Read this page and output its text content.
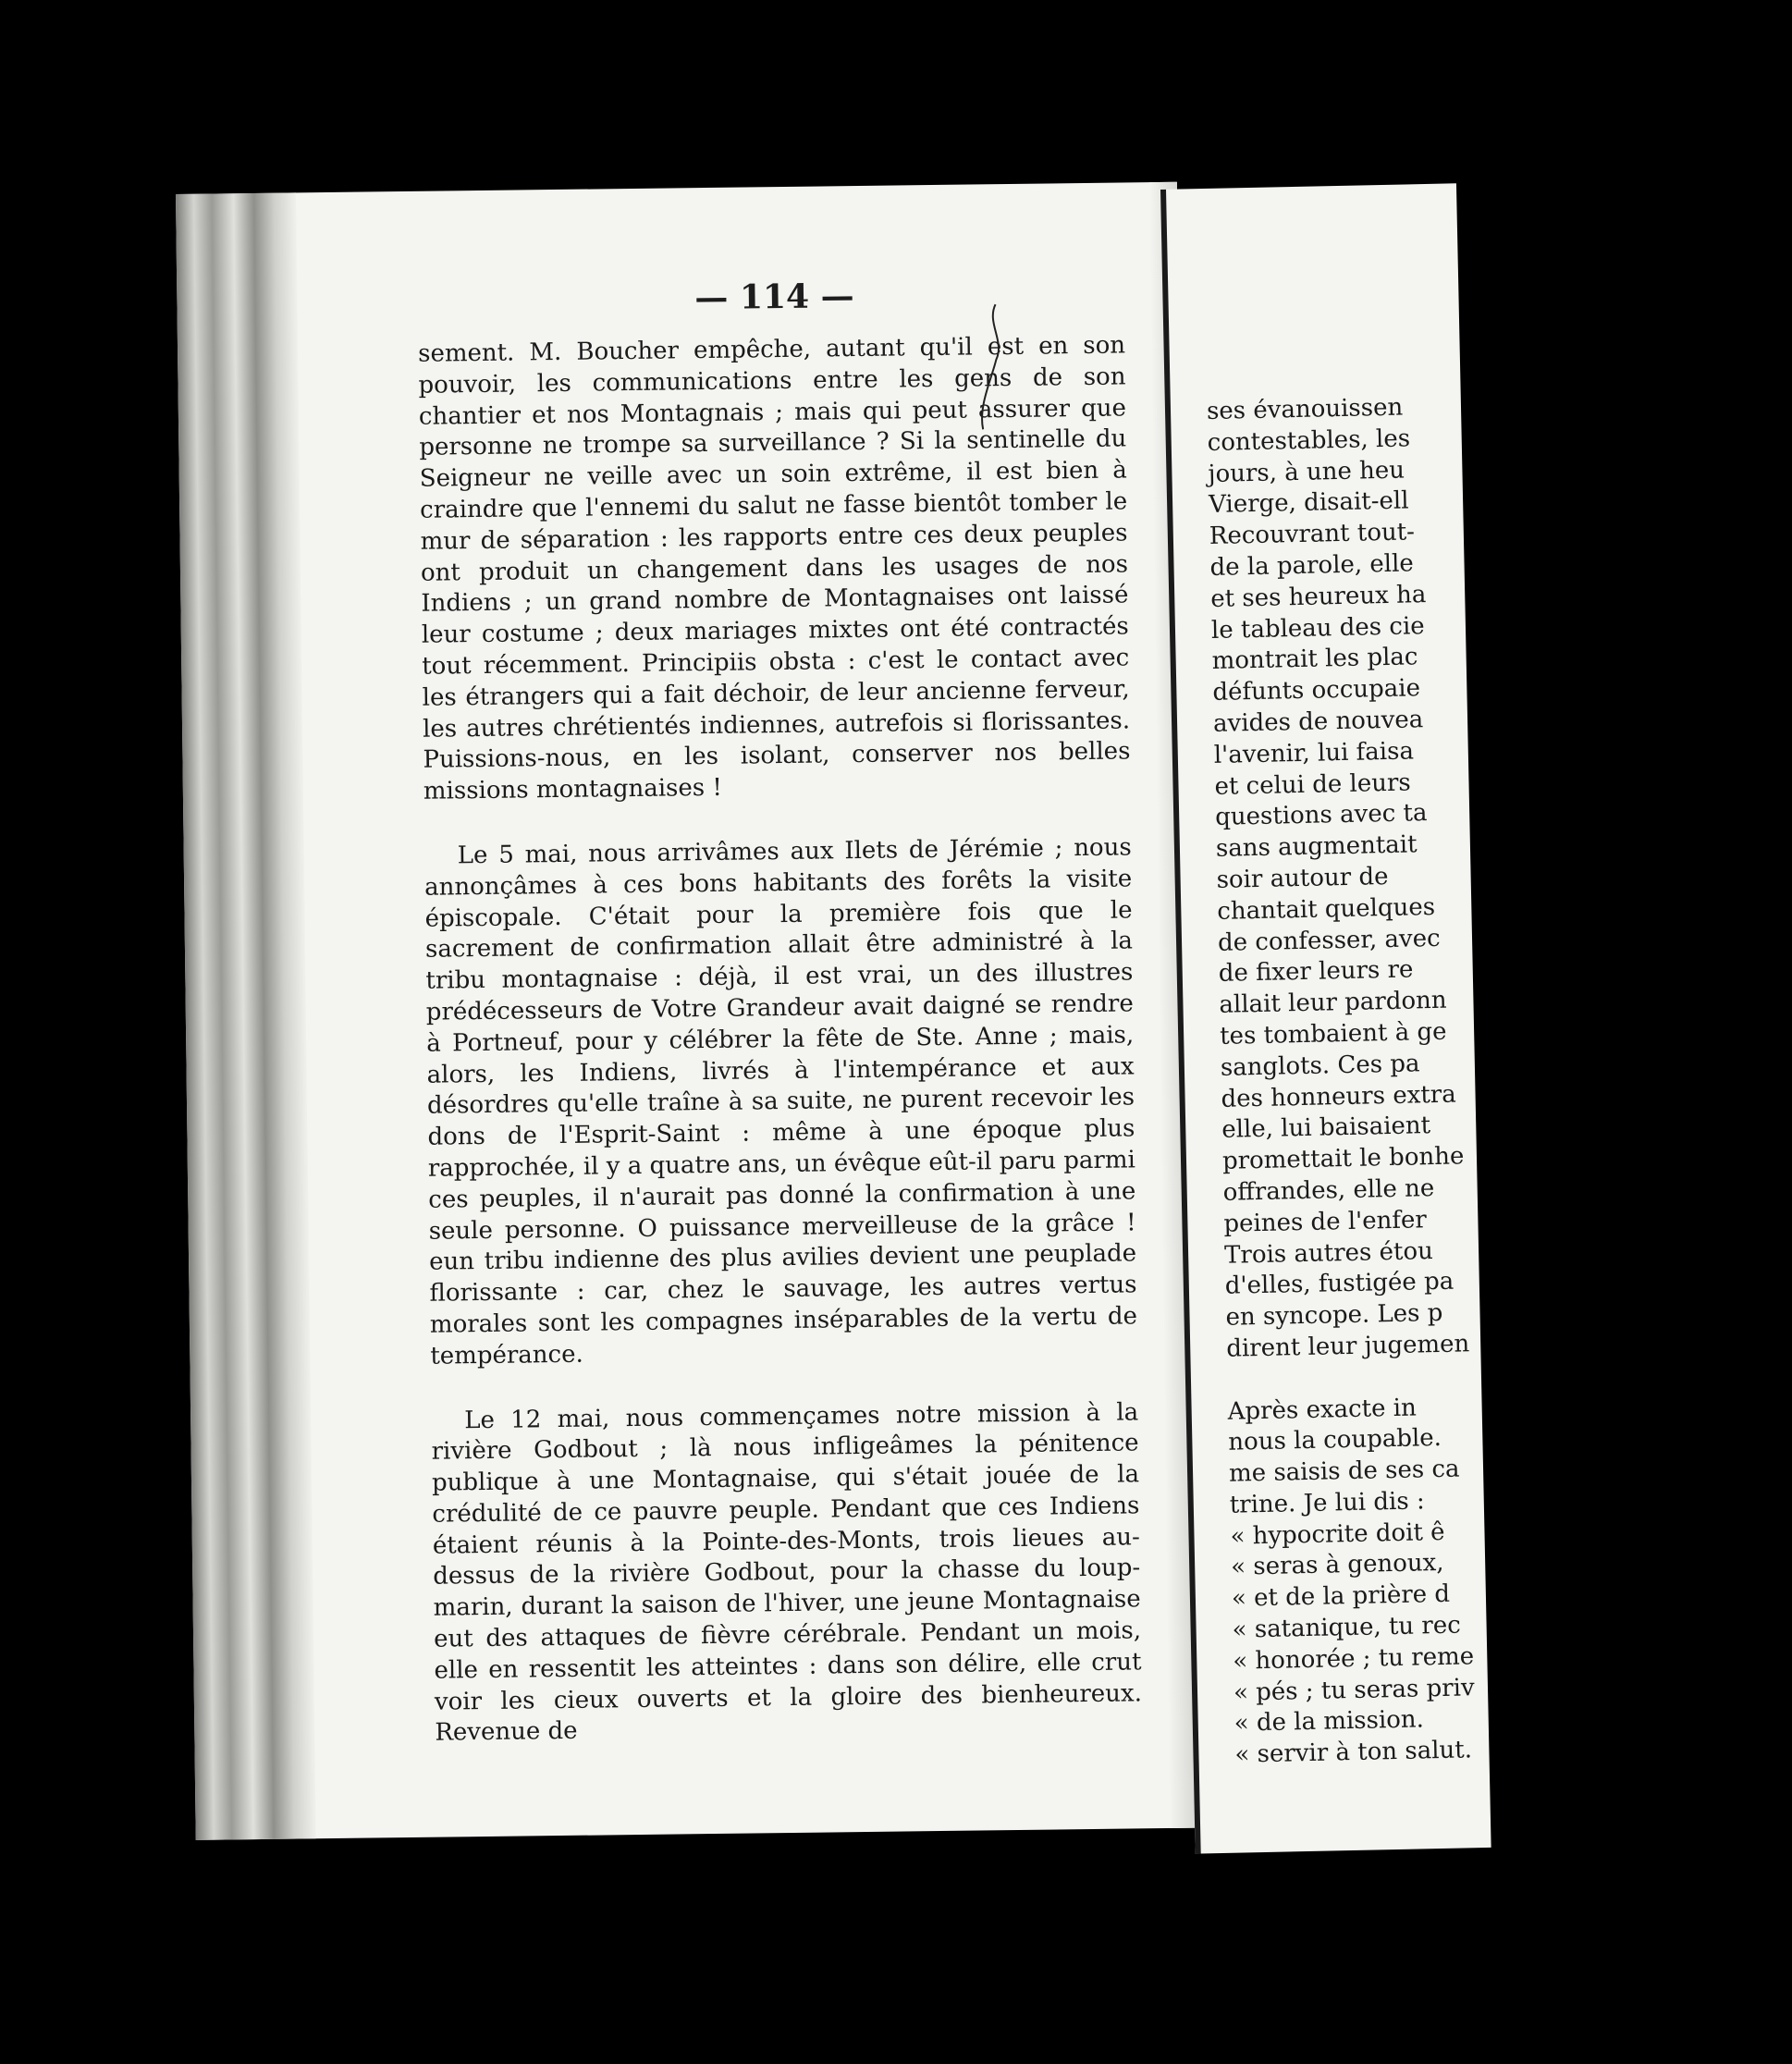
— 114 —

sement. M. Boucher empêche, autant qu'il est en son pouvoir, les communications entre les gens de son chantier et nos Montagnais ; mais qui peut assurer que personne ne trompe sa surveillance ? Si la sentinelle du Seigneur ne veille avec un soin extrême, il est bien à craindre que l'ennemi du salut ne fasse bientôt tomber le mur de séparation : les rapports entre ces deux peuples ont produit un changement dans les usages de nos Indiens ; un grand nombre de Montagnaises ont laissé leur costume ; deux mariages mixtes ont été contractés tout récemment. Principiis obsta : c'est le contact avec les étrangers qui a fait déchoir, de leur ancienne ferveur, les autres chrétientés indiennes, autrefois si florissantes. Puissions-nous, en les isolant, conserver nos belles missions montagnaises !

Le 5 mai, nous arrivâmes aux Ilets de Jérémie ; nous annonçâmes à ces bons habitants des forêts la visite épiscopale. C'était pour la première fois que le sacrement de confirmation allait être administré à la tribu montagnaise : déjà, il est vrai, un des illustres prédécesseurs de Votre Grandeur avait daigné se rendre à Portneuf, pour y célébrer la fête de Ste. Anne ; mais, alors, les Indiens, livrés à l'intempérance et aux désordres qu'elle traîne à sa suite, ne purent recevoir les dons de l'Esprit-Saint : même à une époque plus rapprochée, il y a quatre ans, un évêque eût-il paru parmi ces peuples, il n'aurait pas donné la confirmation à une seule personne. O puissance merveilleuse de la grâce ! eun tribu indienne des plus avilies devient une peuplade florissante : car, chez le sauvage, les autres vertus morales sont les compagnes inséparables de la vertu de tempérance.

Le 12 mai, nous commençames notre mission à la rivière Godbout ; là nous infligeâmes la pénitence publique à une Montagnaise, qui s'était jouée de la crédulité de ce pauvre peuple. Pendant que ces Indiens étaient réunis à la Pointe-des-Monts, trois lieues au-dessus de la rivière Godbout, pour la chasse du loup-marin, durant la saison de l'hiver, une jeune Montagnaise eut des attaques de fièvre cérébrale. Pendant un mois, elle en ressentit les atteintes : dans son délire, elle crut voir les cieux ouverts et la gloire des bienheureux. Revenue de

ses évanouissen
contestables, les
jours, à une heu
Vierge, disait-ell
Recouvrant tout-
de la parole, elle
et ses heureux ha
le tableau des cie
montrait les plac
défunts occupaie
avides de nouvea
l'avenir, lui faisa
et celui de leurs
questions avec ta
sans augmentait
soir autour de
chantait quelques
de confesser, avec
de fixer leurs re
allait leur pardonn
tes tombaient à ge
sanglots. Ces pa
des honneurs extra
elle, lui baisaient
promettait le bonhe
offrandes, elle ne
peines de l'enfer
Trois autres étou
d'elles, fustigée pa
en syncope. Les p
dirent leur jugemen
Après exacte in
nous la coupable.
me saisis de ses ca
trine. Je lui dis :
« hypocrite doit ê
« seras à genoux,
« et de la prière d
« satanique, tu rec
« honorée ; tu reme
« pés ; tu seras priv
« de la mission.
« servir à ton salut.
